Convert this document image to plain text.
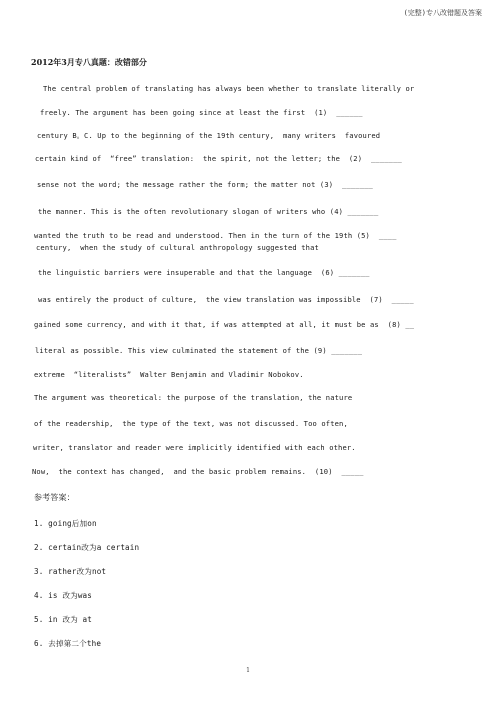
(完整)专八改错题及答案
2012年3月专八真题：改错部分
The central problem of translating has always been whether to translate literally or
freely. The argument has been going since at least the first  (1)  ______
century B。C. Up to the beginning of the 19th century,  many writers  favoured
certain kind of  “free” translation:  the spirit, not the letter; the  (2)  _______
sense not the word; the message rather the form; the matter not (3)  _______
the manner. This is the often revolutionary slogan of writers who (4) _______
wanted the truth to be read and understood. Then in the turn of the 19th (5)  ____
century,  when the study of cultural anthropology suggested that
the linguistic barriers were insuperable and that the language  (6) _______
was entirely the product of culture,  the view translation was impossible  (7)  _____
gained some currency, and with it that, if was attempted at all, it must be as  (8) __
literal as possible. This view culminated the statement of the (9) _______
extreme  “literalists”  Walter Benjamin and Vladimir Nobokov.
The argument was theoretical: the purpose of the translation, the nature
of the readership,  the type of the text, was not discussed. Too often,
writer, translator and reader were implicitly identified with each other.
Now,  the context has changed,  and the basic problem remains.  (10)  _____
参考答案：
1. going后加on
2. certain改为a certain
3. rather改为not
4. is 改为was
5. in 改为 at
6. 去掉第二个the
1
